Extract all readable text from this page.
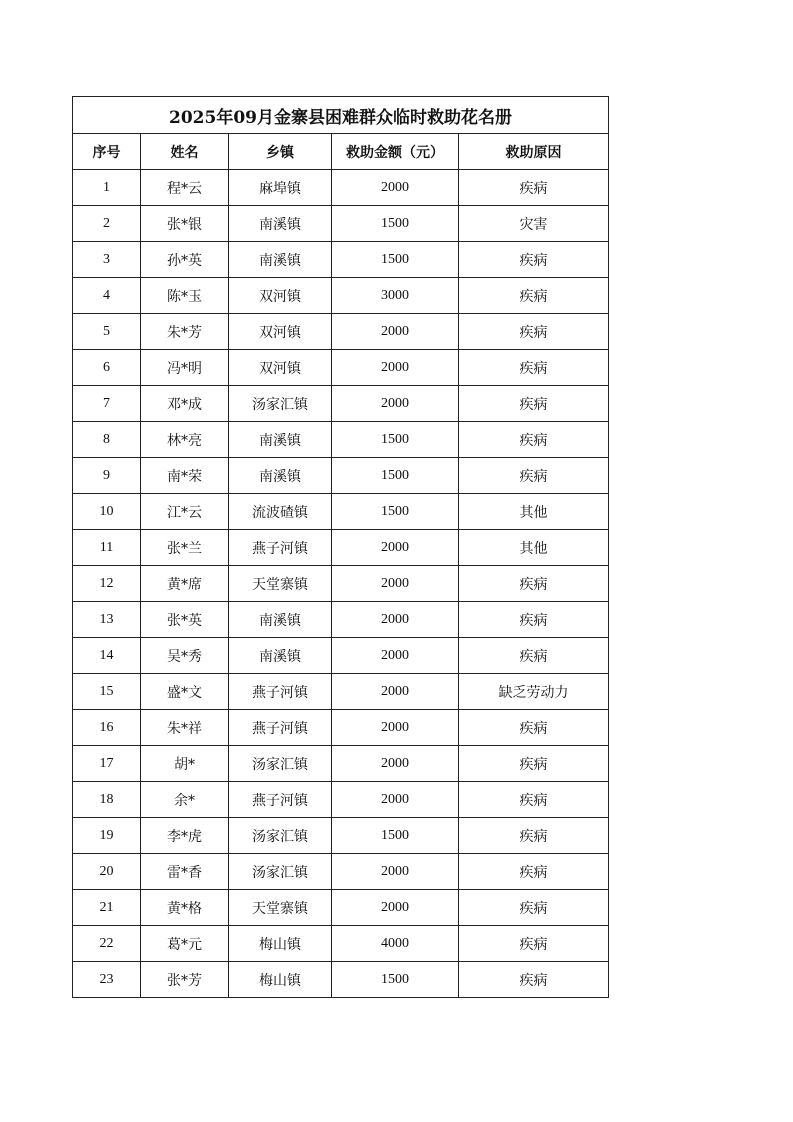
2025年09月金寨县困难群众临时救助花名册				
序号	姓名	乡镇	救助金额（元）	救助原因
1	程*云	麻埠镇	2000	疾病
2	张*银	南溪镇	1500	灾害
3	孙*英	南溪镇	1500	疾病
4	陈*玉	双河镇	3000	疾病
5	朱*芳	双河镇	2000	疾病
6	冯*明	双河镇	2000	疾病
7	邓*成	汤家汇镇	2000	疾病
8	林*亮	南溪镇	1500	疾病
9	南*荣	南溪镇	1500	疾病
10	江*云	流波碴镇	1500	其他
11	张*兰	燕子河镇	2000	其他
12	黄*席	天堂寨镇	2000	疾病
13	张*英	南溪镇	2000	疾病
14	吴*秀	南溪镇	2000	疾病
15	盛*文	燕子河镇	2000	缺乏劳动力
16	朱*祥	燕子河镇	2000	疾病
17	胡*	汤家汇镇	2000	疾病
18	余*	燕子河镇	2000	疾病
19	李*虎	汤家汇镇	1500	疾病
20	雷*香	汤家汇镇	2000	疾病
21	黄*格	天堂寨镇	2000	疾病
22	葛*元	梅山镇	4000	疾病
23	张*芳	梅山镇	1500	疾病
